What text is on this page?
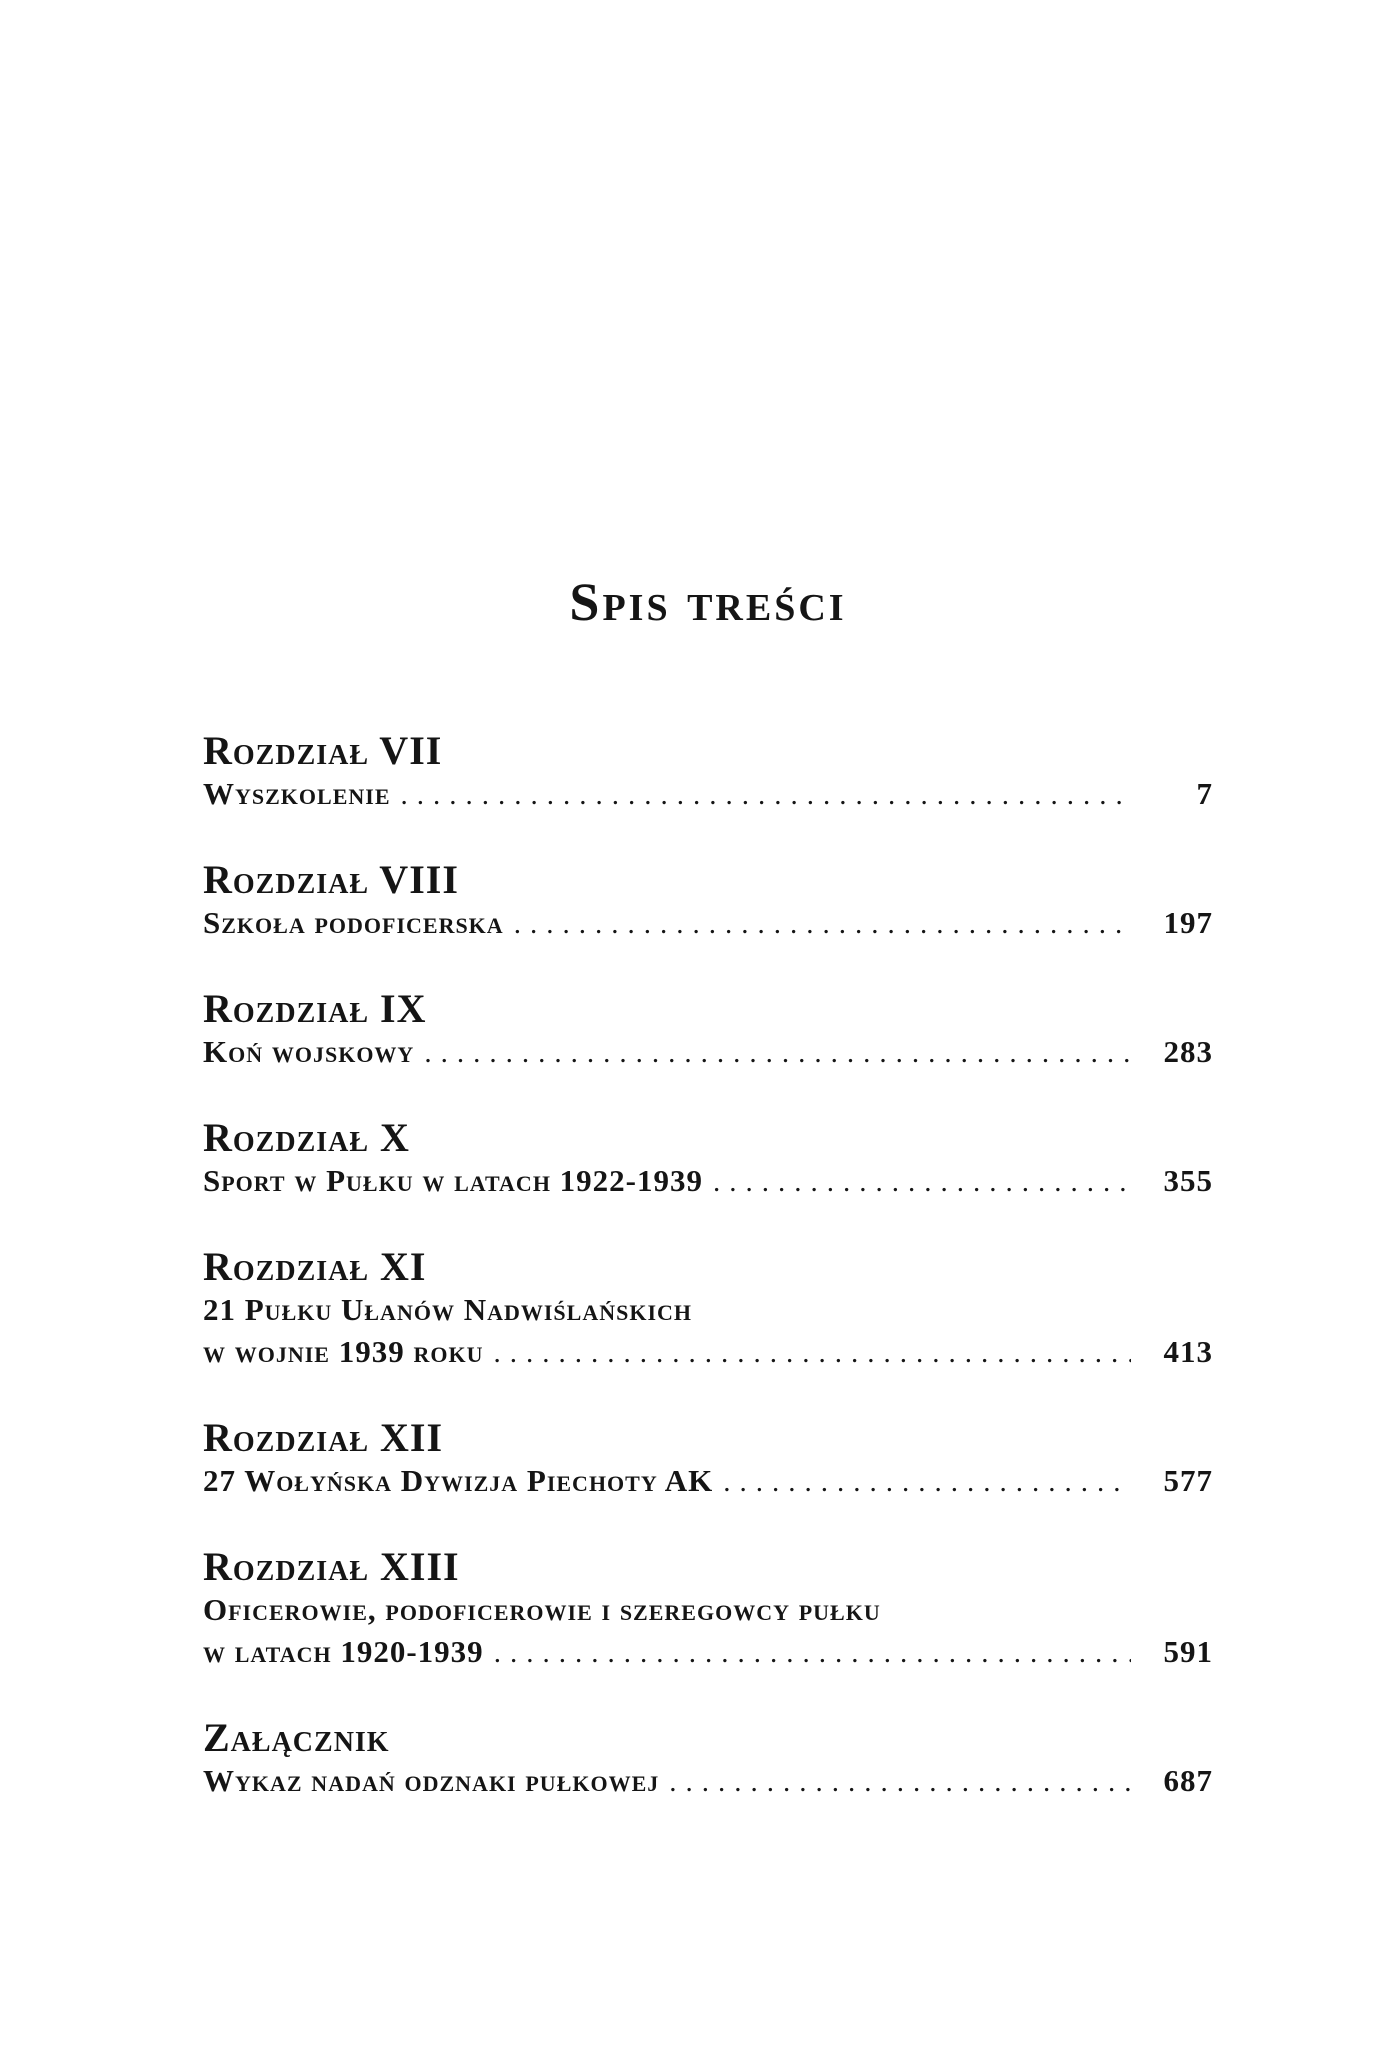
Spis treści
Rozdział VII
Wyszkolenie .....	7
Rozdział VIII
Szkoła podoficerska .....	197
Rozdział IX
Koń wojskowy .....	283
Rozdział X
Sport w Pułku w latach 1922-1939 .....	355
Rozdział XI
21 Pułku Ułanów Nadwiślańskich
w wojnie 1939 roku .....	413
Rozdział XII
27 Wołyńska Dywizja Piechoty AK .....	577
Rozdział XIII
Oficerowie, podoficerowie i szeregowcy pułku
w latach 1920-1939 .....	591
Załącznik
Wykaz nadań odznaki pułkowej .....	687
